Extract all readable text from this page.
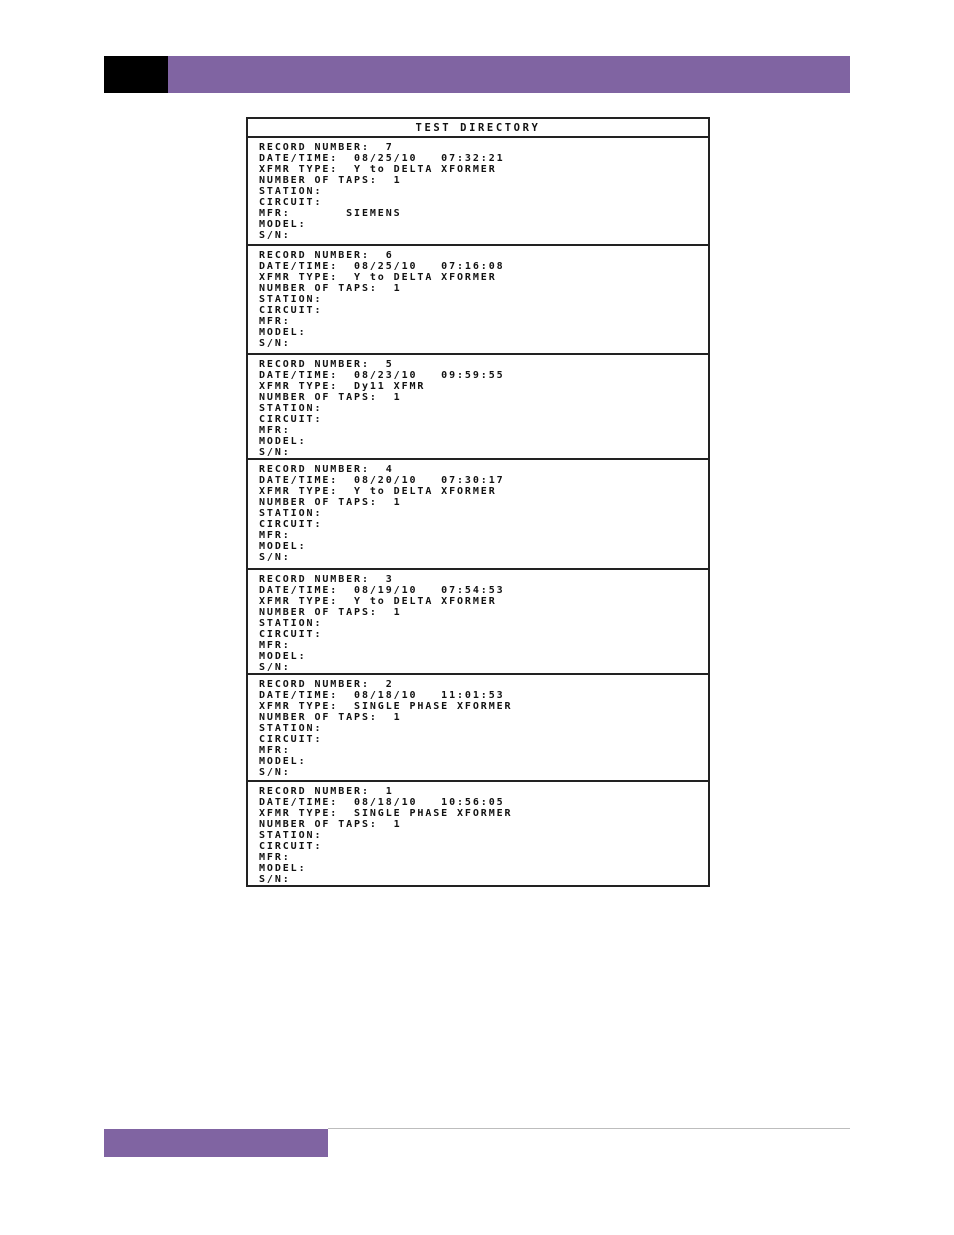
TEST DIRECTORY
RECORD NUMBER:  7
DATE/TIME:  08/25/10   07:32:21
XFMR TYPE:  Y to DELTA XFORMER
NUMBER OF TAPS:  1
STATION:
CIRCUIT:
MFR:       SIEMENS
MODEL:
S/N:
RECORD NUMBER:  6
DATE/TIME:  08/25/10   07:16:08
XFMR TYPE:  Y to DELTA XFORMER
NUMBER OF TAPS:  1
STATION:
CIRCUIT:
MFR:
MODEL:
S/N:
RECORD NUMBER:  5
DATE/TIME:  08/23/10   09:59:55
XFMR TYPE:  Dy11 XFMR
NUMBER OF TAPS:  1
STATION:
CIRCUIT:
MFR:
MODEL:
S/N:
RECORD NUMBER:  4
DATE/TIME:  08/20/10   07:30:17
XFMR TYPE:  Y to DELTA XFORMER
NUMBER OF TAPS:  1
STATION:
CIRCUIT:
MFR:
MODEL:
S/N:
RECORD NUMBER:  3
DATE/TIME:  08/19/10   07:54:53
XFMR TYPE:  Y to DELTA XFORMER
NUMBER OF TAPS:  1
STATION:
CIRCUIT:
MFR:
MODEL:
S/N:
RECORD NUMBER:  2
DATE/TIME:  08/18/10   11:01:53
XFMR TYPE:  SINGLE PHASE XFORMER
NUMBER OF TAPS:  1
STATION:
CIRCUIT:
MFR:
MODEL:
S/N:
RECORD NUMBER:  1
DATE/TIME:  08/18/10   10:56:05
XFMR TYPE:  SINGLE PHASE XFORMER
NUMBER OF TAPS:  1
STATION:
CIRCUIT:
MFR:
MODEL:
S/N:
